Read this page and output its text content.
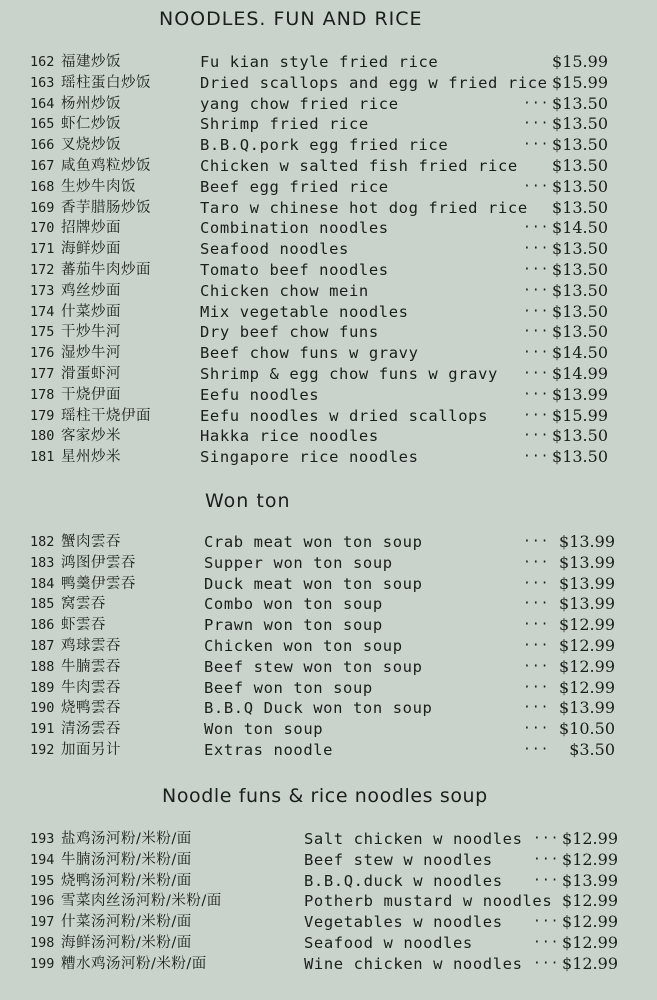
NOODLES. FUN AND RICE
162 福建炒饭	Fu kian style fried rice	$15.99
163 瑶柱蛋白炒饭	Dried scallops and egg w fried rice $15.99
164 杨州炒饭	yang chow fried rice	··· $13.50
165 虾仁炒饭	Shrimp fried rice	··· $13.50
166 叉烧炒饭	B.B.Q.pork egg fried rice	··· $13.50
167 咸鱼鸡粒炒饭	Chicken w salted fish fried rice	$13.50
168 生炒牛肉饭	Beef egg fried rice	··· $13.50
169 香芋腊肠炒饭	Taro w chinese hot dog fried rice	$13.50
170 招牌炒面	Combination noodles	··· $14.50
171 海鲜炒面	Seafood noodles	··· $13.50
172 蕃茄牛肉炒面	Tomato beef noodles	··· $13.50
173 鸡丝炒面	Chicken chow mein	··· $13.50
174 什菜炒面	Mix vegetable noodles	··· $13.50
175 干炒牛河	Dry beef chow funs	··· $13.50
176 湿炒牛河	Beef chow funs w gravy	··· $14.50
177 滑蛋虾河	Shrimp & egg chow funs w gravy ··· $14.99
178 干烧伊面	Eefu noodles	··· $13.99
179 瑶柱干烧伊面	Eefu noodles w dried scallops	··· $15.99
180 客家炒米	Hakka rice noodles	··· $13.50
181 星州炒米	Singapore rice noodles	··· $13.50
Won ton
182 蟹肉雲吞	Crab meat won ton soup	··· $13.99
183 鸿图伊雲吞	Supper won ton soup	··· $13.99
184 鸭羹伊雲吞	Duck meat won ton soup	··· $13.99
185 窝雲吞	Combo won ton soup	··· $13.99
186 虾雲吞	Prawn won ton soup	··· $12.99
187 鸡球雲吞	Chicken won ton soup	··· $12.99
188 牛腩雲吞	Beef stew won ton soup	··· $12.99
189 牛肉雲吞	Beef won ton soup	··· $12.99
190 烧鸭雲吞	B.B.Q Duck won ton soup	··· $13.99
191 清汤雲吞	Won ton soup	··· $10.50
192 加面另计	Extras noodle	···	$3.50
Noodle funs & rice noodles soup
193 盐鸡汤河粉/米粉/面	Salt chicken w noodles ··· $12.99
194 牛腩汤河粉/米粉/面	Beef stew w noodles	··· $12.99
195 烧鸭汤河粉/米粉/面	B.B.Q.duck w noodles ··· $13.99
196 雪菜肉丝汤河粉/米粉/面	Potherb mustard w noodles $12.99
197 什菜汤河粉/米粉/面	Vegetables w noodles ··· $12.99
198 海鲜汤河粉/米粉/面	Seafood w noodles	··· $12.99
199 糟水鸡汤河粉/米粉/面	Wine chicken w noodles ··· $12.99
